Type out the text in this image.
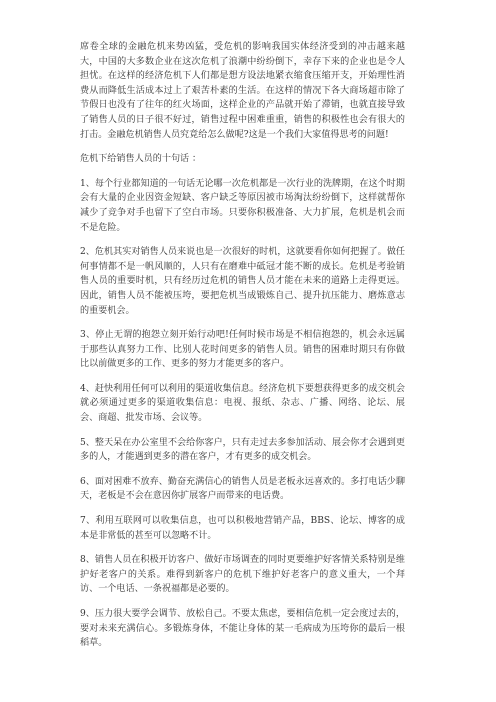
席卷全球的金融危机来势凶猛，受危机的影响我国实体经济受到的冲击越来越大，中国的大多数企业在这次危机了浪潮中纷纷倒下，幸存下来的企业也是令人担忧。在这样的经济危机下人们都是想方设法地紧衣缩食压缩开支，开始理性消费从而降低生活成本过上了艰苦朴素的生活。在这样的情况下各大商场超市除了节假日也没有了往年的红火场面，这样企业的产品就开始了滞销，也就直接导致了销售人员的日子很不好过，销售过程中困难重重，销售的积极性也会有很大的打击。金融危机销售人员究竟给怎么做呢?这是一个我们大家值得思考的问题!

危机下给销售人员的十句话 ：

1、每个行业都知道的一句话无论哪一次危机都是一次行业的洗牌期，在这个时期会有大量的企业因资金短缺、客户缺乏等原因被市场淘汰纷纷倒下，这样就帮你减少了竞争对手也留下了空白市场。只要你积极准备、大力扩展，危机是机会而不是危险。

2、危机其实对销售人员来说也是一次很好的时机，这就要看你如何把握了。做任何事情都不是一帆风顺的，人只有在磨难中砥冠才能不断的成长。危机是考验销售人员的重要时机，只有经历过危机的销售人员才能在未来的道路上走得更远。因此，销售人员不能被压垮，要把危机当成锻炼自己、提升抗压能力、磨炼意志的重要机会。

3、停止无谓的抱怨立刻开始行动吧!任何时候市场是不相信抱怨的，机会永远属于那些认真努力工作、比别人花时间更多的销售人员。销售的困难时期只有你做比以前做更多的工作、更多的努力才能更多的客户。

4、赶快利用任何可以利用的渠道收集信息。经济危机下要想获得更多的成交机会就必须通过更多的渠道收集信息：电视、报纸、杂志、广播、网络、论坛、展会、商超、批发市场、会议等。

5、整天呆在办公室里不会给你客户，只有走过去多参加活动、展会你才会遇到更多的人，才能遇到更多的潜在客户，才有更多的成交机会。

6、面对困难不放弃、勤奋充满信心的销售人员是老板永远喜欢的。多打电话少聊天，老板是不会在意因你扩展客户而带来的电话费。

7、利用互联网可以收集信息，也可以积极地营销产品，BBS、论坛、博客的成本是非常低的甚至可以忽略不计。

8、销售人员在积极开访客户、做好市场调查的同时更要维护好客情关系特别是维护好老客户的关系。难得到新客户的危机下维护好老客户的意义重大，一个拜访、一个电话、一条祝福都是必要的。

9、压力很大要学会调节、放松自己。不要太焦虑，要相信危机一定会度过去的，要对未来充满信心。多锻炼身体，不能让身体的某一毛病成为压垮你的最后一根稻草。
